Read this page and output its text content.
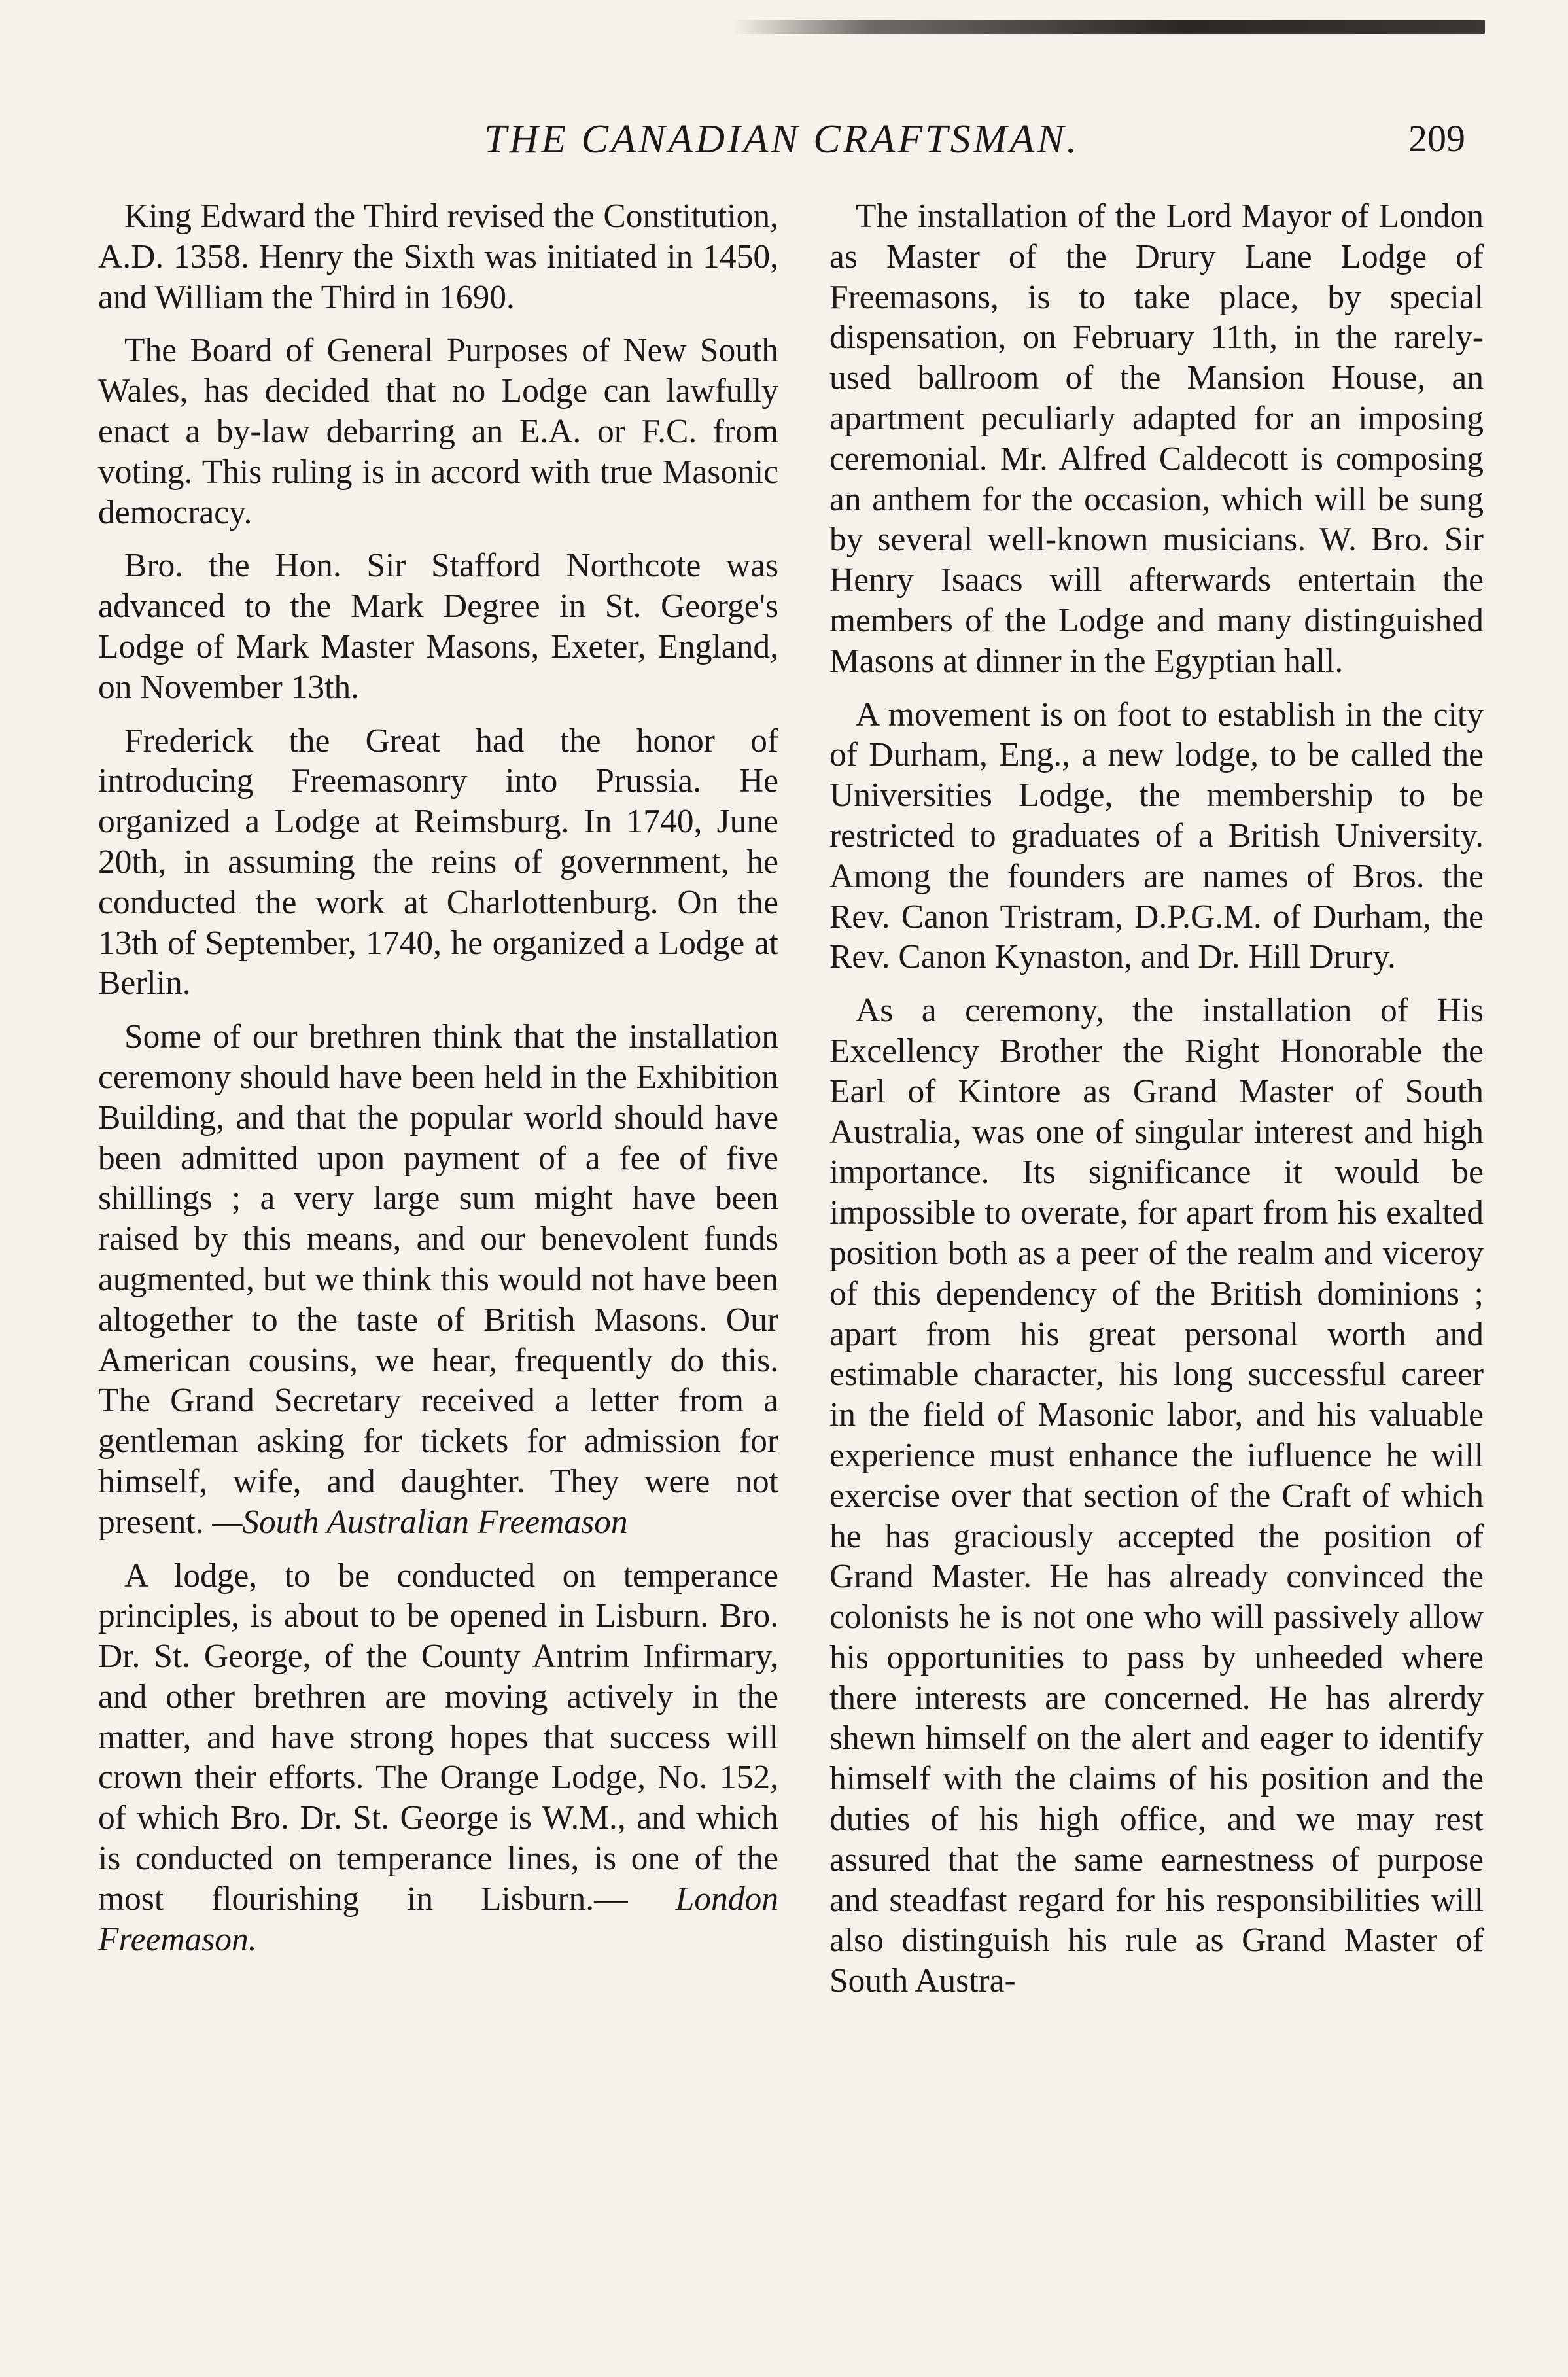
THE CANADIAN CRAFTSMAN.	209

King Edward the Third revised the Constitution, A.D. 1358. Henry the Sixth was initiated in 1450, and William the Third in 1690.

The Board of General Purposes of New South Wales, has decided that no Lodge can lawfully enact a by-law debarring an E.A. or F.C. from voting. This ruling is in accord with true Masonic democracy.

Bro. the Hon. Sir Stafford Northcote was advanced to the Mark Degree in St. George's Lodge of Mark Master Masons, Exeter, England, on November 13th.

Frederick the Great had the honor of introducing Freemasonry into Prussia. He organized a Lodge at Reimsburg. In 1740, June 20th, in assuming the reins of government, he conducted the work at Charlottenburg. On the 13th of September, 1740, he organized a Lodge at Berlin.

Some of our brethren think that the installation ceremony should have been held in the Exhibition Building, and that the popular world should have been admitted upon payment of a fee of five shillings ; a very large sum might have been raised by this means, and our benevolent funds augmented, but we think this would not have been altogether to the taste of British Masons. Our American cousins, we hear, frequently do this. The Grand Secretary received a letter from a gentleman asking for tickets for admission for himself, wife, and daughter. They were not present. —South Australian Freemason

A lodge, to be conducted on temperance principles, is about to be opened in Lisburn. Bro. Dr. St. George, of the County Antrim Infirmary, and other brethren are moving actively in the matter, and have strong hopes that success will crown their efforts. The Orange Lodge, No. 152, of which Bro. Dr. St. George is W.M., and which is conducted on temperance lines, is one of the most flourishing in Lisburn.— London Freemason.

The installation of the Lord Mayor of London as Master of the Drury Lane Lodge of Freemasons, is to take place, by special dispensation, on February 11th, in the rarely-used ballroom of the Mansion House, an apartment peculiarly adapted for an imposing ceremonial. Mr. Alfred Caldecott is composing an anthem for the occasion, which will be sung by several well-known musicians. W. Bro. Sir Henry Isaacs will afterwards entertain the members of the Lodge and many distinguished Masons at dinner in the Egyptian hall.

A movement is on foot to establish in the city of Durham, Eng., a new lodge, to be called the Universities Lodge, the membership to be restricted to graduates of a British University. Among the founders are names of Bros. the Rev. Canon Tristram, D.P.G.M. of Durham, the Rev. Canon Kynaston, and Dr. Hill Drury.

As a ceremony, the installation of His Excellency Brother the Right Honorable the Earl of Kintore as Grand Master of South Australia, was one of singular interest and high importance. Its significance it would be impossible to overate, for apart from his exalted position both as a peer of the realm and viceroy of this dependency of the British dominions ; apart from his great personal worth and estimable character, his long successful career in the field of Masonic labor, and his valuable experience must enhance the iufluence he will exercise over that section of the Craft of which he has graciously accepted the position of Grand Master. He has already convinced the colonists he is not one who will passively allow his opportunities to pass by unheeded where there interests are concerned. He has alrerdy shewn himself on the alert and eager to identify himself with the claims of his position and the duties of his high office, and we may rest assured that the same earnestness of purpose and steadfast regard for his responsibilities will also distinguish his rule as Grand Master of South Austra-
